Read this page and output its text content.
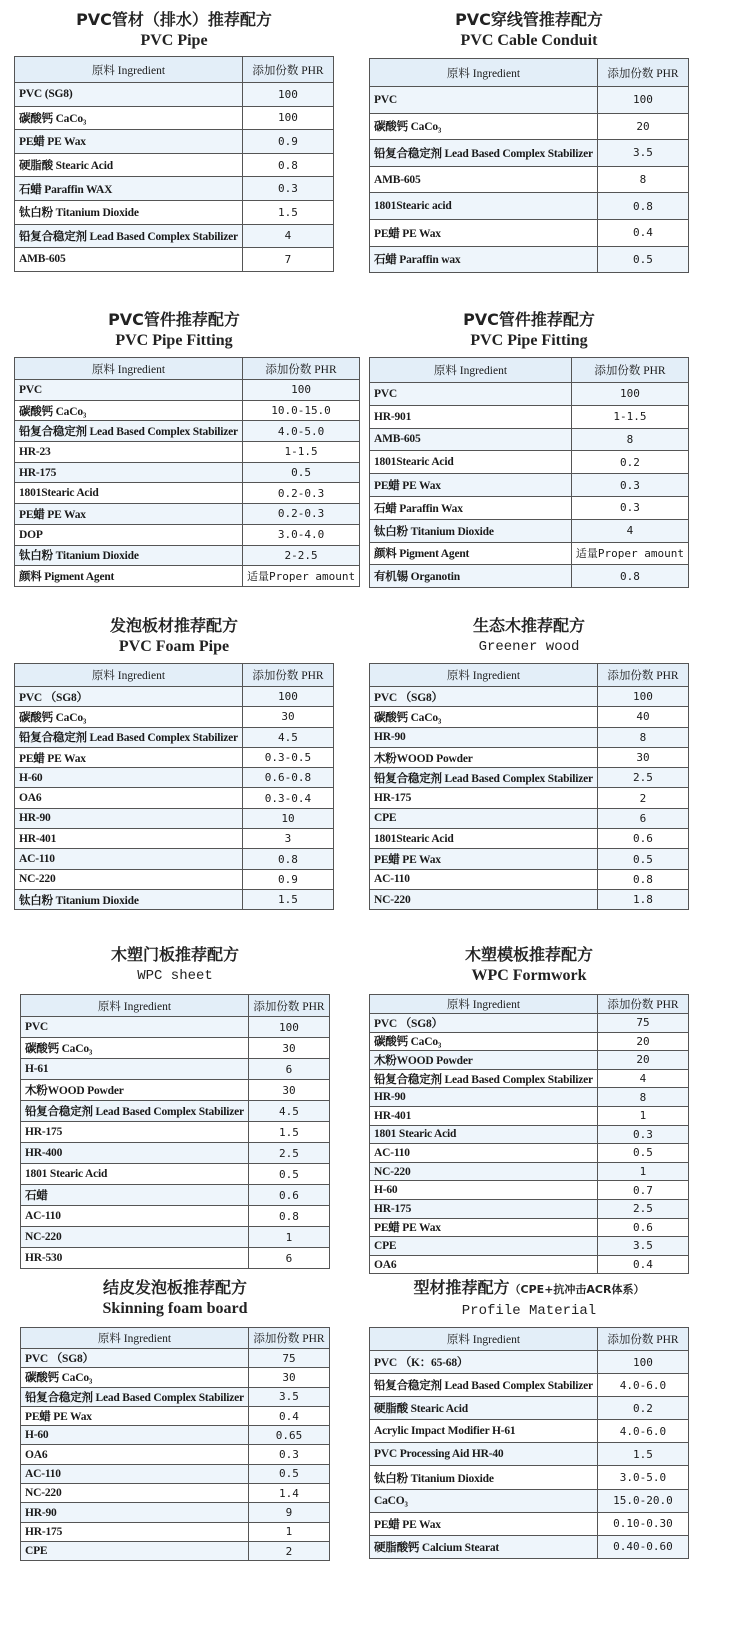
PVC管材（排水）推荐配方
PVC Pipe
原料 Ingredient	添加份数 PHR
PVC (SG8)	100
碳酸钙 CaCo₃	100
PE蜡 PE Wax	0.9
硬脂酸 Stearic Acid	0.8
石蜡 Paraffin WAX	0.3
钛白粉 Titanium Dioxide	1.5
铅复合稳定剂 Lead Based Complex Stabilizer	4
AMB-605	7
PVC穿线管推荐配方
PVC Cable Conduit
原料 Ingredient	添加份数 PHR
PVC	100
碳酸钙 CaCo₃	20
铅复合稳定剂 Lead Based Complex Stabilizer	3.5
AMB-605	8
1801Stearic acid	0.8
PE蜡 PE Wax	0.4
石蜡 Paraffin wax	0.5
PVC管件推荐配方
PVC Pipe Fitting
原料 Ingredient	添加份数 PHR
PVC	100
碳酸钙 CaCo₃	10.0-15.0
铅复合稳定剂 Lead Based Complex Stabilizer	4.0-5.0
HR-23	1-1.5
HR-175	0.5
1801Stearic Acid	0.2-0.3
PE蜡 PE Wax	0.2-0.3
DOP	3.0-4.0
钛白粉 Titanium Dioxide	2-2.5
颜料 Pigment Agent	适量Proper amount
PVC管件推荐配方
PVC Pipe Fitting
原料 Ingredient	添加份数 PHR
PVC	100
HR-901	1-1.5
AMB-605	8
1801Stearic Acid	0.2
PE蜡 PE Wax	0.3
石蜡 Paraffin Wax	0.3
钛白粉 Titanium Dioxide	4
颜料 Pigment Agent	适量Proper amount
有机锡 Organotin	0.8
发泡板材推荐配方
PVC Foam Pipe
原料 Ingredient	添加份数 PHR
PVC （SG8）	100
碳酸钙 CaCo₃	30
铅复合稳定剂 Lead Based Complex Stabilizer	4.5
PE蜡 PE Wax	0.3-0.5
H-60	0.6-0.8
OA6	0.3-0.4
HR-90	10
HR-401	3
AC-110	0.8
NC-220	0.9
钛白粉 Titanium Dioxide	1.5
生态木推荐配方
Greener wood
原料 Ingredient	添加份数 PHR
PVC （SG8）	100
碳酸钙 CaCo₃	40
HR-90	8
木粉WOOD Powder	30
铅复合稳定剂 Lead Based Complex Stabilizer	2.5
HR-175	2
CPE	6
1801Stearic Acid	0.6
PE蜡 PE Wax	0.5
AC-110	0.8
NC-220	1.8
木塑门板推荐配方
WPC sheet
原料 Ingredient	添加份数 PHR
PVC	100
碳酸钙 CaCo₃	30
H-61	6
木粉WOOD Powder	30
铅复合稳定剂 Lead Based Complex Stabilizer	4.5
HR-175	1.5
HR-400	2.5
1801 Stearic Acid	0.5
石蜡	0.6
AC-110	0.8
NC-220	1
HR-530	6
木塑模板推荐配方
WPC Formwork
原料 Ingredient	添加份数 PHR
PVC （SG8）	75
碳酸钙 CaCo₃	20
木粉WOOD Powder	20
铅复合稳定剂 Lead Based Complex Stabilizer	4
HR-90	8
HR-401	1
1801 Stearic Acid	0.3
AC-110	0.5
NC-220	1
H-60	0.7
HR-175	2.5
PE蜡 PE Wax	0.6
CPE	3.5
OA6	0.4
结皮发泡板推荐配方
Skinning foam board
原料 Ingredient	添加份数 PHR
PVC （SG8）	75
碳酸钙 CaCo₃	30
铅复合稳定剂 Lead Based Complex Stabilizer	3.5
PE蜡 PE Wax	0.4
H-60	0.65
OA6	0.3
AC-110	0.5
NC-220	1.4
HR-90	9
HR-175	1
CPE	2
型材推荐配方（CPE+抗冲击ACR体系）
Profile Material
原料 Ingredient	添加份数 PHR
PVC （K：65-68）	100
铅复合稳定剂 Lead Based Complex Stabilizer	4.0-6.0
硬脂酸 Stearic Acid	0.2
Acrylic Impact Modifier H-61	4.0-6.0
PVC Processing Aid HR-40	1.5
钛白粉 Titanium Dioxide	3.0-5.0
CaCO₃	15.0-20.0
PE蜡 PE Wax	0.10-0.30
硬脂酸钙 Calcium Stearat	0.40-0.60
